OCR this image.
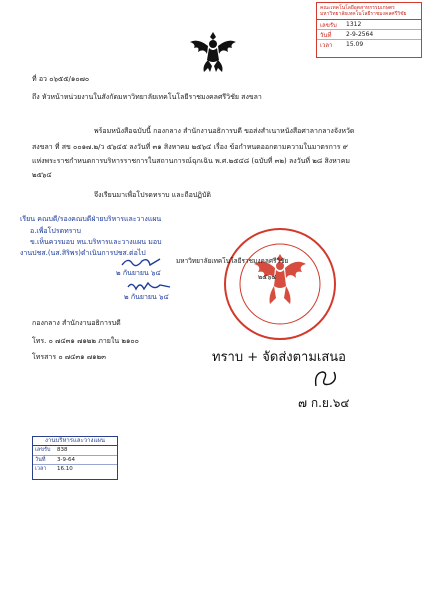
คณะเทคโนโลยีอุตสาหกรรมเกษตร มหาวิทยาลัยเทคโนโลยีราชมงคลศรีวิชัย
เลขรับ	1312
วันที่	2-9-2564
เวลา	15.09
ที่ อว ๐๖๕๕/๑๐๗๐
ถึง หัวหน้าหน่วยงานในสังกัดมหาวิทยาลัยเทคโนโลยีราชมงคลศรีวิชัย สงขลา
พร้อมหนังสือฉบับนี้ กองกลาง สำนักงานอธิการบดี ขอส่งสำเนาหนังสือศาลากลางจังหวัด
สงขลา ที่ สข ๐๐๑๗.๒/ว ๕๖๔๕ ลงวันที่ ๓๑ สิงหาคม ๒๕๖๔ เรื่อง ข้อกำหนดออกตามความในมาตรการ ๙
แห่งพระราชกำหนดการบริหารราชการในสถานการณ์ฉุกเฉิน พ.ศ.๒๕๔๘ (ฉบับที่ ๓๒) ลงวันที่ ๒๘ สิงหาคม
๒๕๖๔
จึงเรียนมาเพื่อโปรดทราบ และถือปฏิบัติ
เรียน คณบดี/รองคณบดีฝ่ายบริหารและวางแผน
อ.เพื่อโปรดทราบ
ข.เห็นควรมอบ หน.บริหารและวางแผน มอบ
งานปชส.(นส.สิริพร)ดำเนินการปชส.ต่อไป
๒ กันยายน ๖๔
๒ กันยายน ๖๔
มหาวิทยาลัยเทคโนโลยีราชมงคลศรีวิชัย
๒๕๖๔
กองกลาง สำนักงานอธิการบดี
โทร. ๐ ๗๔๓๑ ๗๑๒๒ ภายใน ๒๑๐๐
โทรสาร ๐ ๗๔๓๑ ๗๑๒๓	ทราบ + จัดส่งตามเสนอ
๗ ก.ย.๖๔
งานบริหารและวางแผน
เลขรับ	838
วันที่	3-9-64
เวลา	16.10
